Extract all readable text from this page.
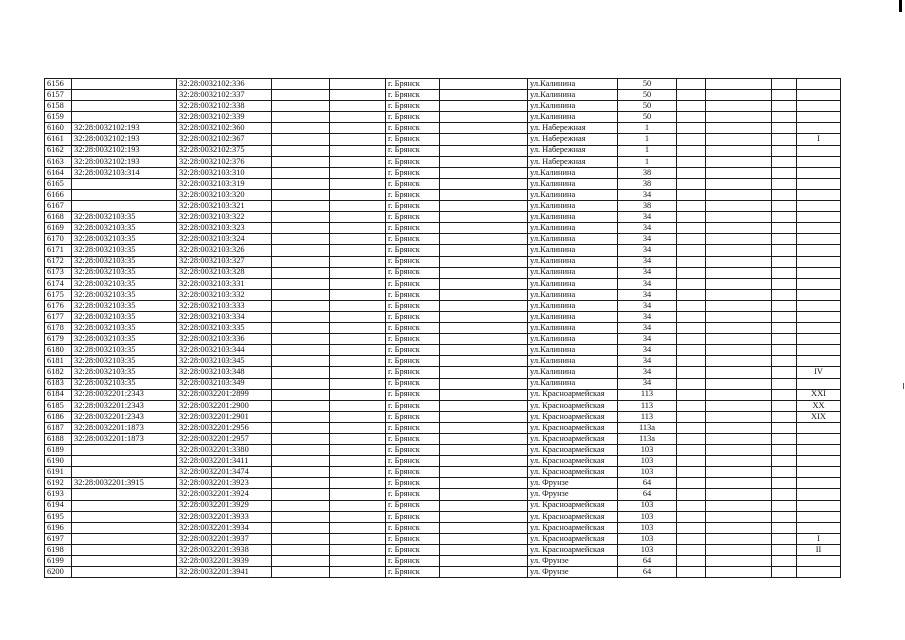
6156		32:28:0032102:336			г. Брянск		ул.Калинина	50				
6157		32:28:0032102:337			г. Брянск		ул.Калинина	50				
6158		32:28:0032102:338			г. Брянск		ул.Калинина	50				
6159		32:28:0032102:339			г. Брянск		ул.Калинина	50				
6160	32:28:0032102:193	32:28:0032102:360			г. Брянск		ул. Набережная	1				
6161	32:28:0032102:193	32:28:0032102:367			г. Брянск		ул. Набережная	1				I
6162	32:28:0032102:193	32:28:0032102:375			г. Брянск		ул. Набережная	1				
6163	32:28:0032102:193	32:28:0032102:376			г. Брянск		ул. Набережная	1				
6164	32:28:0032103:314	32:28:0032103:310			г. Брянск		ул.Калинина	38				
6165		32:28:0032103:319			г. Брянск		ул.Калинина	38				
6166		32:28:0032103:320			г. Брянск		ул.Калинина	34				
6167		32:28:0032103:321			г. Брянск		ул.Калинина	38				
6168	32:28:0032103:35	32:28:0032103:322			г. Брянск		ул.Калинина	34				
6169	32:28:0032103:35	32:28:0032103:323			г. Брянск		ул.Калинина	34				
6170	32:28:0032103:35	32:28:0032103:324			г. Брянск		ул.Калинина	34				
6171	32:28:0032103:35	32:28:0032103:326			г. Брянск		ул.Калинина	34				
6172	32:28:0032103:35	32:28:0032103:327			г. Брянск		ул.Калинина	34				
6173	32:28:0032103:35	32:28:0032103:328			г. Брянск		ул.Калинина	34				
6174	32:28:0032103:35	32:28:0032103:331			г. Брянск		ул.Калинина	34				
6175	32:28:0032103:35	32:28:0032103:332			г. Брянск		ул.Калинина	34				
6176	32:28:0032103:35	32:28:0032103:333			г. Брянск		ул.Калинина	34				
6177	32:28:0032103:35	32:28:0032103:334			г. Брянск		ул.Калинина	34				
6178	32:28:0032103:35	32:28:0032103:335			г. Брянск		ул.Калинина	34				
6179	32:28:0032103:35	32:28:0032103:336			г. Брянск		ул.Калинина	34				
6180	32:28:0032103:35	32:28:0032103:344			г. Брянск		ул.Калинина	34				
6181	32:28:0032103:35	32:28:0032103:345			г. Брянск		ул.Калинина	34				
6182	32:28:0032103:35	32:28:0032103:348			г. Брянск		ул.Калинина	34				IV
6183	32:28:0032103:35	32:28:0032103:349			г. Брянск		ул.Калинина	34				
6184	32:28:0032201:2343	32:28:0032201:2899			г. Брянск		ул. Красноармейская	113				XXI
6185	32:28:0032201:2343	32:28:0032201:2900			г. Брянск		ул. Красноармейская	113				XX
6186	32:28:0032201:2343	32:28:0032201:2901			г. Брянск		ул. Красноармейская	113				XIX
6187	32:28:0032201:1873	32:28:0032201:2956			г. Брянск		ул. Красноармейская	113а				
6188	32:28:0032201:1873	32:28:0032201:2957			г. Брянск		ул. Красноармейская	113а				
6189		32:28:0032201:3380			г. Брянск		ул. Красноармейская	103				
6190		32:28:0032201:3411			г. Брянск		ул. Красноармейская	103				
6191		32:28:0032201:3474			г. Брянск		ул. Красноармейская	103				
6192	32:28:0032201:3915	32:28:0032201:3923			г. Брянск		ул. Фрунзе	64				
6193		32:28:0032201:3924			г. Брянск		ул. Фрунзе	64				
6194		32:28:0032201:3929			г. Брянск		ул. Красноармейская	103				
6195		32:28:0032201:3933			г. Брянск		ул. Красноармейская	103				
6196		32:28:0032201:3934			г. Брянск		ул. Красноармейская	103				
6197		32:28:0032201:3937			г. Брянск		ул. Красноармейская	103				I
6198		32:28:0032201:3938			г. Брянск		ул. Красноармейская	103				II
6199		32:28:0032201:3939			г. Брянск		ул. Фрунзе	64				
6200		32:28:0032201:3941			г. Брянск		ул. Фрунзе	64				
